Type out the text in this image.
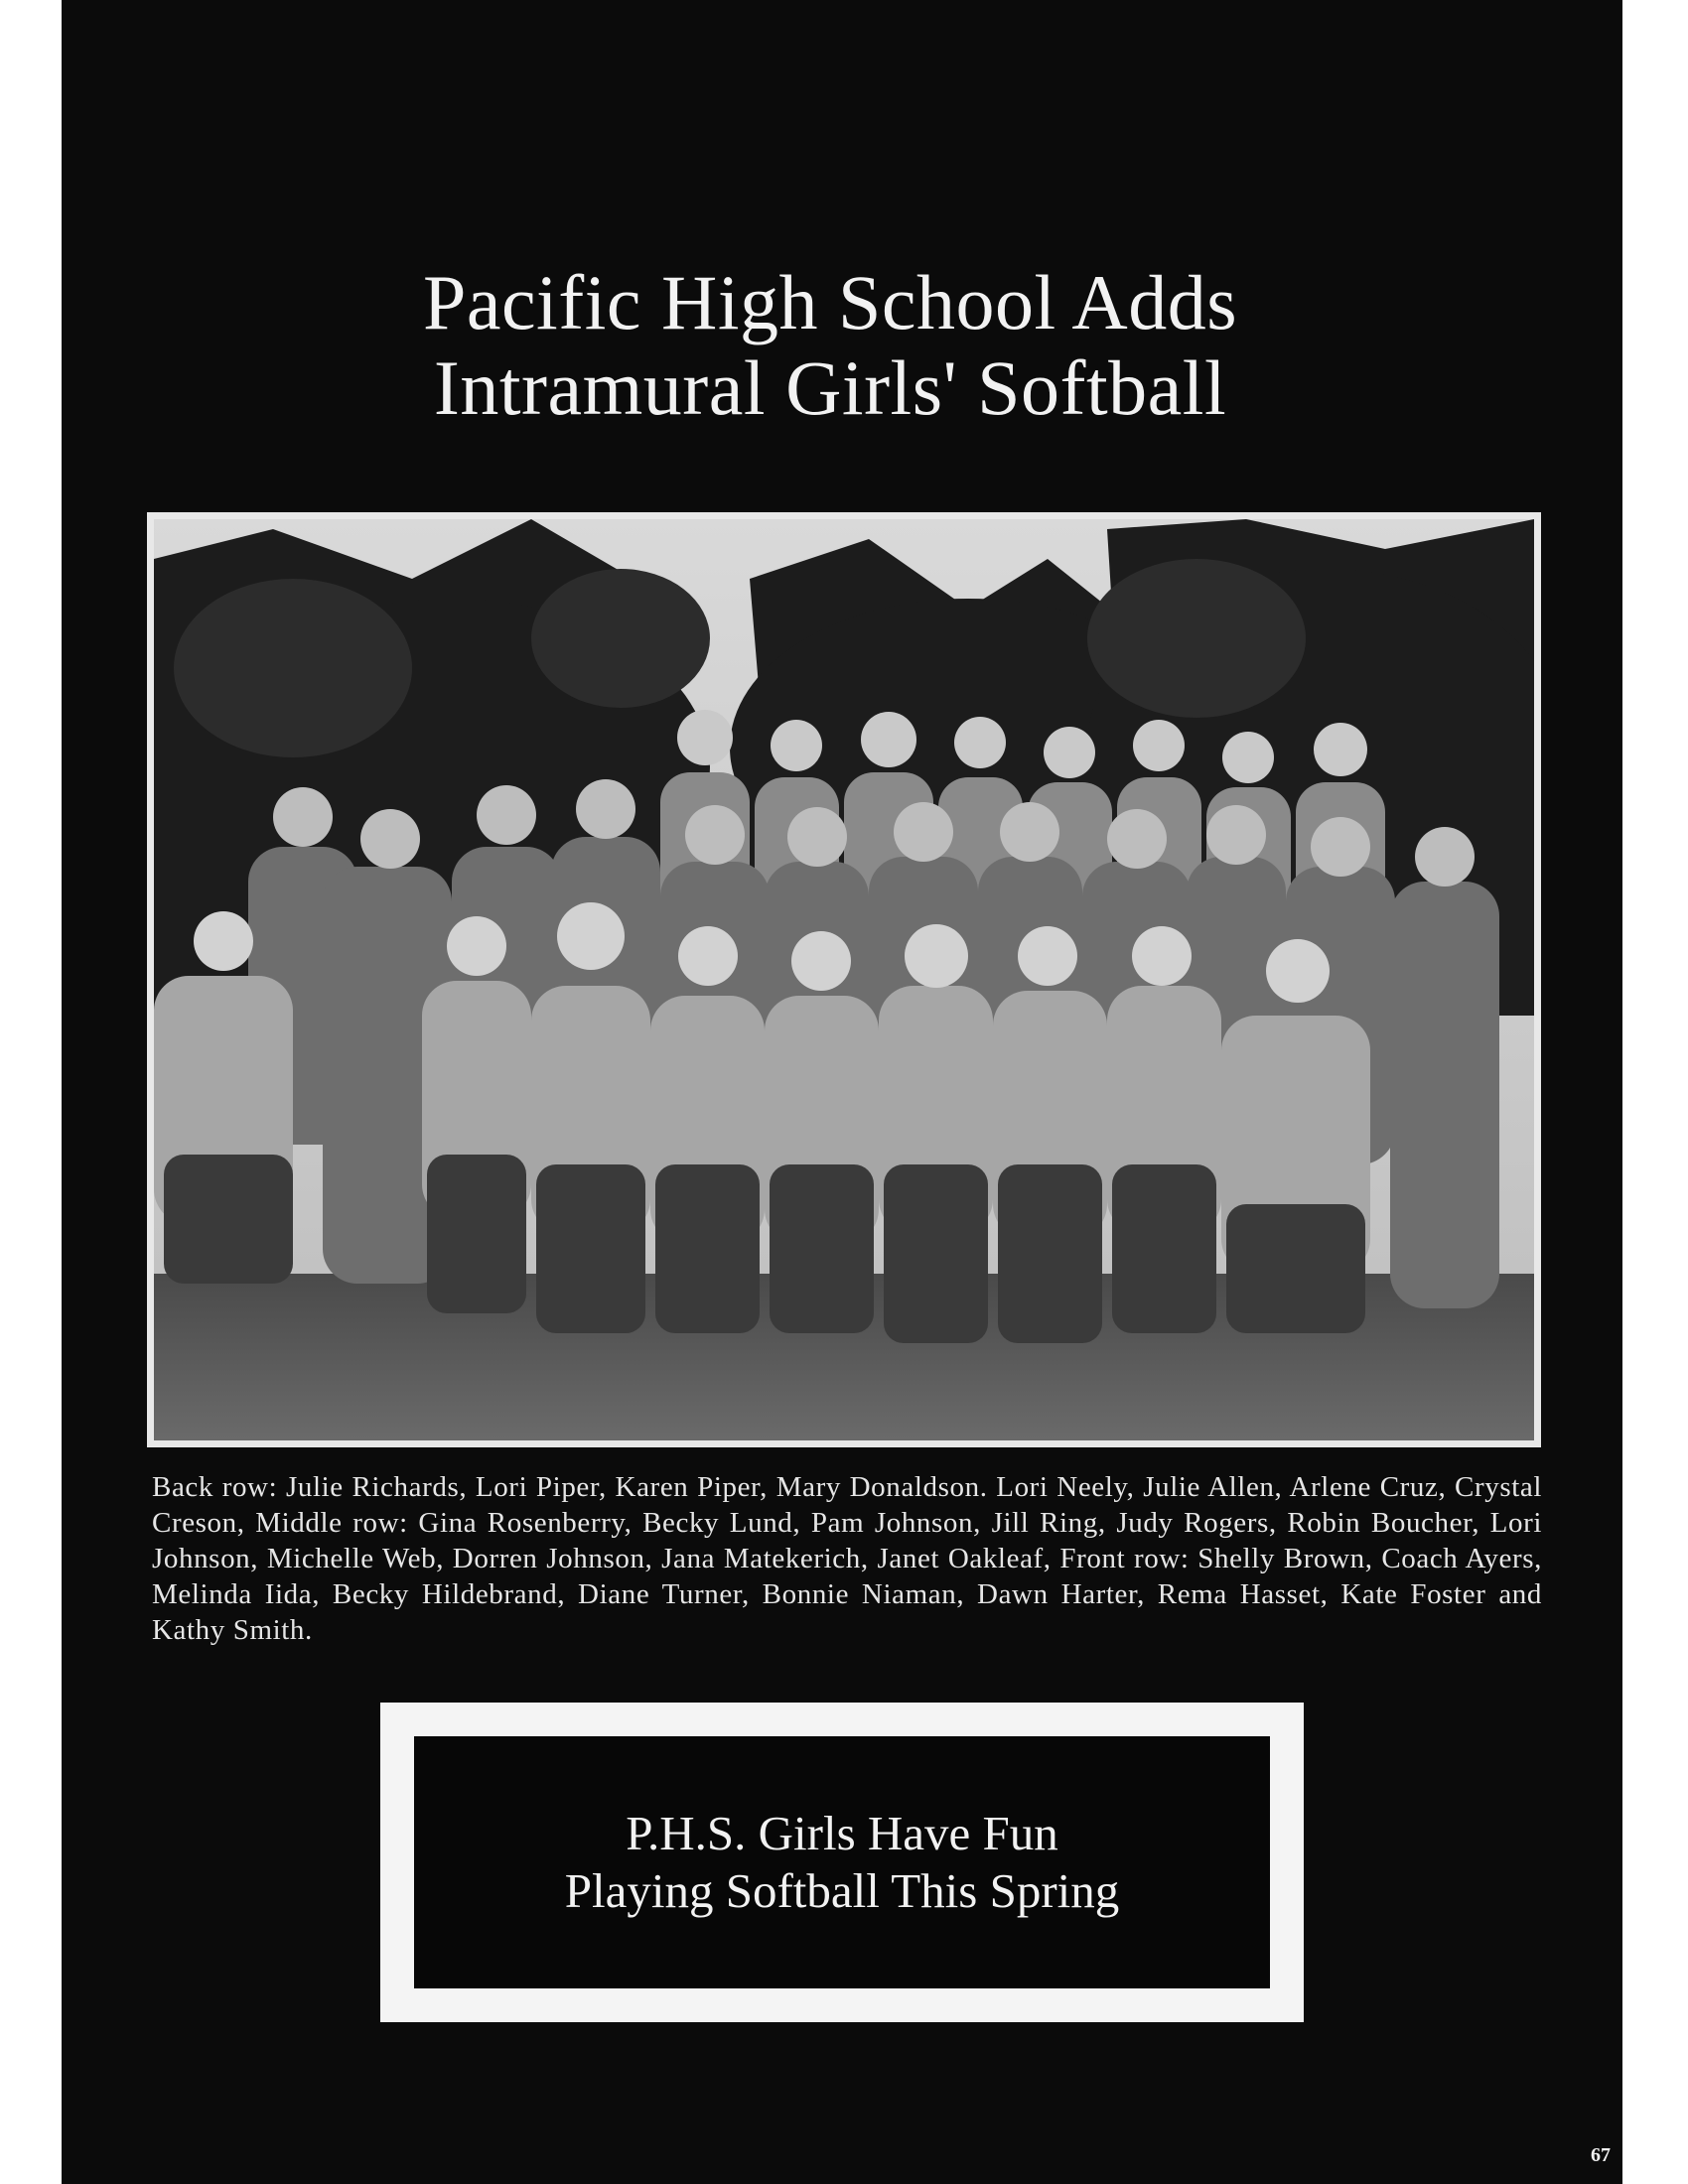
Pacific High School Adds
Intramural Girls' Softball
Back row: Julie Richards, Lori Piper, Karen Piper, Mary Donaldson. Lori Neely, Julie Allen, Arlene Cruz, Crystal Creson, Middle row: Gina Rosenberry, Becky Lund, Pam Johnson, Jill Ring, Judy Rogers, Robin Boucher, Lori Johnson, Michelle Web, Dorren Johnson, Jana Matekerich, Janet Oakleaf, Front row: Shelly Brown, Coach Ayers, Melinda Iida, Becky Hildebrand, Diane Turner, Bonnie Niaman, Dawn Harter, Rema Hasset, Kate Foster and Kathy Smith.
P.H.S. Girls Have Fun
Playing Softball This Spring
67
